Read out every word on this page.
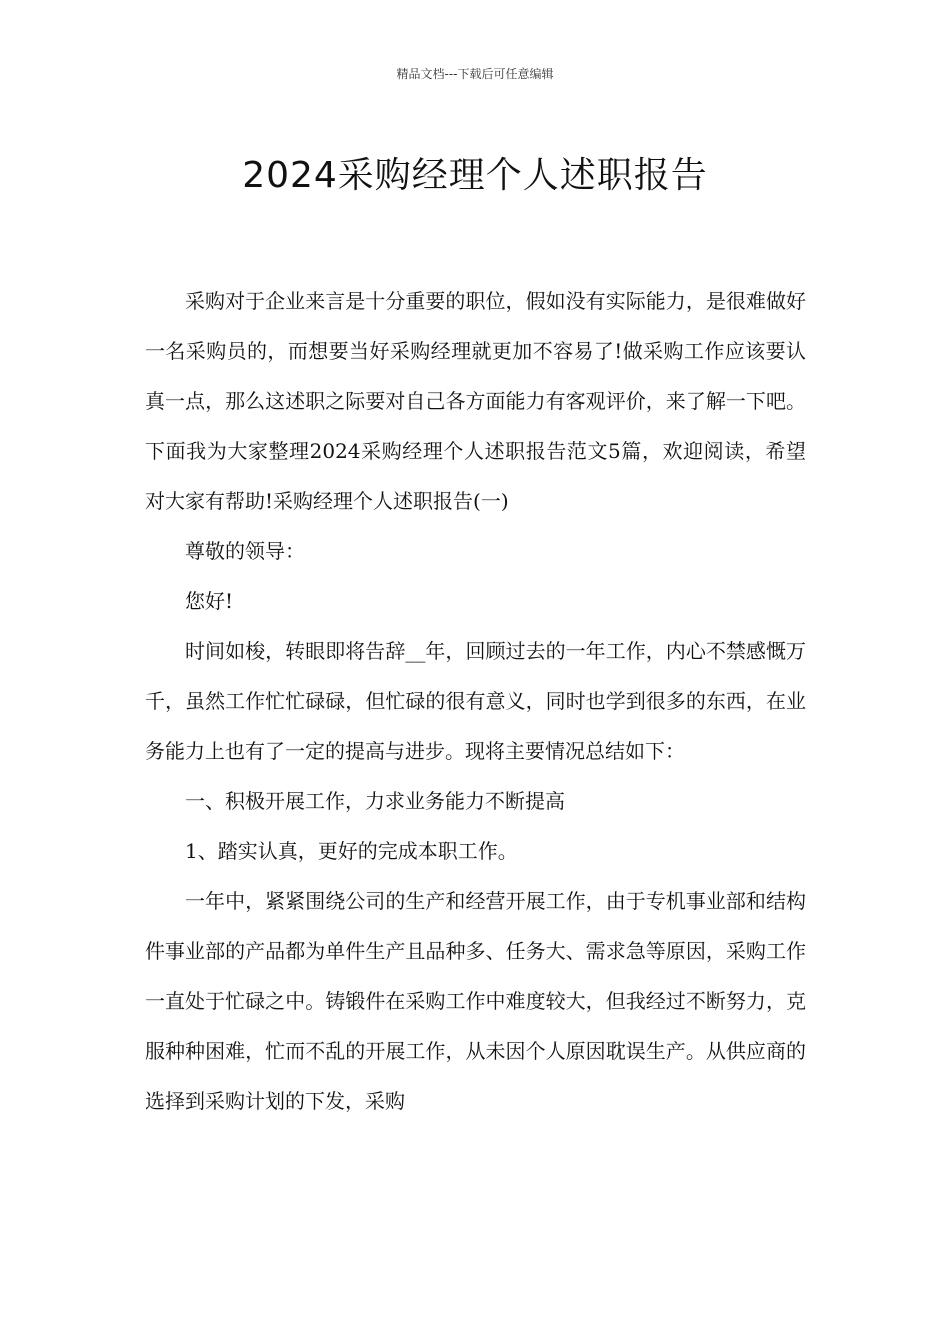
精品文档---下载后可任意编辑
2024采购经理个人述职报告

采购对于企业来言是十分重要的职位，假如没有实际能力，是很难做好一名采购员的，而想要当好采购经理就更加不容易了!做采购工作应该要认真一点，那么这述职之际要对自己各方面能力有客观评价，来了解一下吧。下面我为大家整理2024采购经理个人述职报告范文5篇，欢迎阅读，希望对大家有帮助!采购经理个人述职报告(一)

尊敬的领导：

您好!

时间如梭，转眼即将告辞__年，回顾过去的一年工作，内心不禁感慨万千，虽然工作忙忙碌碌，但忙碌的很有意义，同时也学到很多的东西，在业务能力上也有了一定的提高与进步。现将主要情况总结如下：

一、积极开展工作，力求业务能力不断提高

1、踏实认真，更好的完成本职工作。

一年中，紧紧围绕公司的生产和经营开展工作，由于专机事业部和结构件事业部的产品都为单件生产且品种多、任务大、需求急等原因，采购工作一直处于忙碌之中。铸锻件在采购工作中难度较大，但我经过不断努力，克服种种困难，忙而不乱的开展工作，从未因个人原因耽误生产。从供应商的选择到采购计划的下发，采购
